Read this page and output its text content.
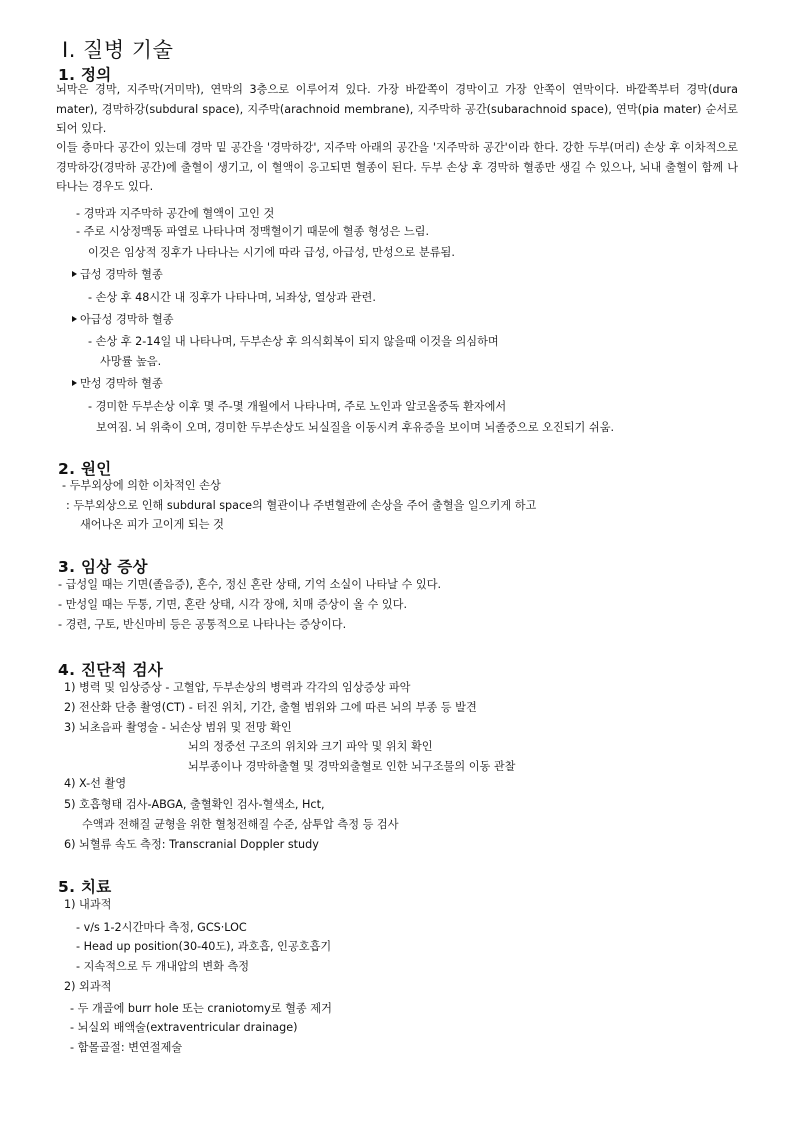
Ⅰ. 질병 기술
1. 정의
뇌막은 경막, 지주막(거미막), 연막의 3층으로 이루어져 있다. 가장 바깥쪽이 경막이고 가장 안쪽이 연막이다. 바깥쪽부터 경막(dura mater), 경막하강(subdural space), 지주막(arachnoid membrane), 지주막하 공간(subarachnoid space), 연막(pia mater) 순서로 되어 있다.
이들 층마다 공간이 있는데 경막 밑 공간을 '경막하강', 지주막 아래의 공간을 '지주막하 공간'이라 한다. 강한 두부(머리) 손상 후 이차적으로 경막하강(경막하 공간)에 출혈이 생기고, 이 혈액이 응고되면 혈종이 된다. 두부 손상 후 경막하 혈종만 생길 수 있으나, 뇌내 출혈이 함께 나타나는 경우도 있다.
- 경막과 지주막하 공간에 혈액이 고인 것
- 주로 시상정맥동 파열로 나타나며 정맥혈이기 때문에 혈종 형성은 느림.
이것은 임상적 징후가 나타나는 시기에 따라 급성, 아급성, 만성으로 분류됨.
급성 경막하 혈종
- 손상 후 48시간 내 징후가 나타나며, 뇌좌상, 열상과 관련.
아급성 경막하 혈종
- 손상 후 2-14일 내 나타나며, 두부손상 후 의식회복이 되지 않을때 이것을 의심하며
사망률 높음.
만성 경막하 혈종
- 경미한 두부손상 이후 몇 주-몇 개월에서 나타나며, 주로 노인과 알코올중독 환자에서
보여짐. 뇌 위축이 오며, 경미한 두부손상도 뇌실질을 이동시켜 후유증을 보이며 뇌졸중으로 오진되기 쉬움.
2. 원인
- 두부외상에 의한 이차적인 손상
: 두부외상으로 인해 subdural space의 혈관이나 주변혈관에 손상을 주어 출혈을 일으키게 하고
새어나온 피가 고이게 되는 것
3. 임상 증상
- 급성일 때는 기면(졸음증), 혼수, 정신 혼란 상태, 기억 소실이 나타날 수 있다.
- 만성일 때는 두통, 기면, 혼란 상태, 시각 장애, 치매 증상이 올 수 있다.
- 경련, 구토, 반신마비 등은 공통적으로 나타나는 증상이다.
4. 진단적 검사
1) 병력 및 임상증상 - 고혈압, 두부손상의 병력과 각각의 임상증상 파악
2) 전산화 단층 촬영(CT) - 터진 위치, 기간, 출혈 범위와 그에 따른 뇌의 부종 등 발견
3) 뇌초음파 촬영술 - 뇌손상 범위 및 전망 확인
뇌의 정중선 구조의 위치와 크기 파악 및 위치 확인
뇌부종이나 경막하출혈 및 경막외출혈로 인한 뇌구조물의 이동 관찰
4) X-선 촬영
5) 호흡형태 검사-ABGA, 출혈확인 검사-혈색소, Hct,
수액과 전해질 균형을 위한 혈청전해질 수준, 삼투압 측정 등 검사
6) 뇌혈류 속도 측정: Transcranial Doppler study
5. 치료
1) 내과적
- v/s 1-2시간마다 측정, GCS·LOC
- Head up position(30-40도), 과호흡, 인공호흡기
- 지속적으로 두 개내압의 변화 측정
2) 외과적
- 두 개골에 burr hole 또는 craniotomy로 혈종 제거
- 뇌실외 배액술(extraventricular drainage)
- 함몰골절: 변연절제술
